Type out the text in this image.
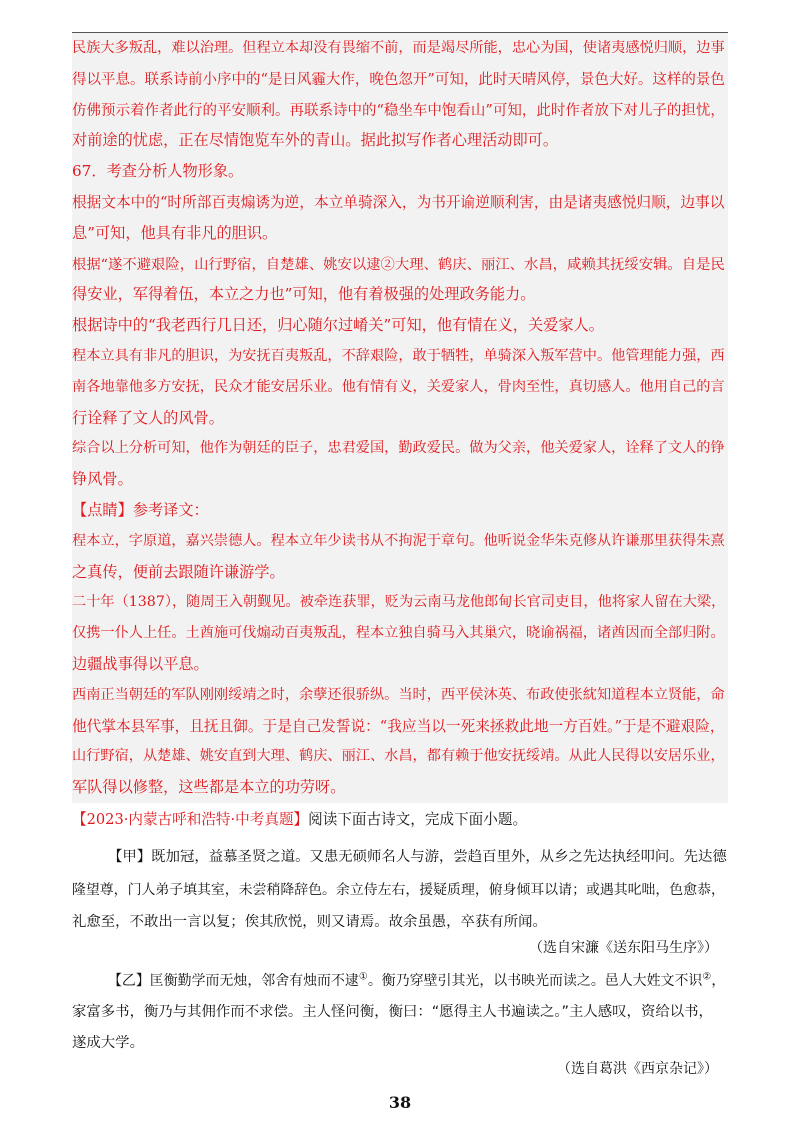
民族大多叛乱，难以治理。但程立本却没有畏缩不前，而是竭尽所能，忠心为国，使诸夷感悦归顺，边事
得以平息。联系诗前小序中的“是日风霾大作，晚色忽开”可知，此时天晴风停，景色大好。这样的景色
仿佛预示着作者此行的平安顺利。再联系诗中的“稳坐车中饱看山”可知，此时作者放下对儿子的担忧，
对前途的忧虑，正在尽情饱览车外的青山。据此拟写作者心理活动即可。
67．考查分析人物形象。
根据文本中的“时所部百夷煽诱为逆，本立单骑深入，为书开谕逆顺利害，由是诸夷感悦归顺，边事以
息”可知，他具有非凡的胆识。
根据“遂不避艰险，山行野宿，自楚雄、姚安以逮②大理、鹤庆、丽江、水昌，咸赖其抚绥安辑。自是民
得安业，军得着伍，本立之力也”可知，他有着极强的处理政务能力。
根据诗中的“我老西行几日还，归心随尔过崤关”可知，他有情在义，关爱家人。
程本立具有非凡的胆识，为安抚百夷叛乱，不辞艰险，敢于牺牲，单骑深入叛军营中。他管理能力强，西
南各地靠他多方安抚，民众才能安居乐业。他有情有义，关爱家人，骨肉至性，真切感人。他用自己的言
行诠释了文人的风骨。
综合以上分析可知，他作为朝廷的臣子，忠君爱国，勤政爱民。做为父亲，他关爱家人，诠释了文人的铮
铮风骨。
【点睛】参考译文：
程本立，字原道，嘉兴崇德人。程本立年少读书从不拘泥于章句。他听说金华朱克修从许谦那里获得朱熹
之真传，便前去跟随许谦游学。
二十年（1387），随周王入朝觐见。被牵连获罪，贬为云南马龙他郎甸长官司吏目，他将家人留在大梁，
仅携一仆人上任。土酋施可伐煽动百夷叛乱，程本立独自骑马入其巢穴，晓谕祸福，诸酋因而全部归附。
边疆战事得以平息。
西南正当朝廷的军队刚刚绥靖之时，余孽还很骄纵。当时，西平侯沐英、布政使张紞知道程本立贤能，命
他代掌本县军事，且抚且御。于是自己发誓说：“我应当以一死来拯救此地一方百姓。”于是不避艰险，
山行野宿，从楚雄、姚安直到大理、鹤庆、丽江、水昌，都有赖于他安抚绥靖。从此人民得以安居乐业，
军队得以修整，这些都是本立的功劳呀。
【2023·内蒙古呼和浩特·中考真题】阅读下面古诗文，完成下面小题。
【甲】既加冠，益慕圣贤之道。又患无硕师名人与游，尝趋百里外，从乡之先达执经叩问。先达德
隆望尊，门人弟子填其室，未尝稍降辞色。余立侍左右，援疑质理，俯身倾耳以请；或遇其叱咄，色愈恭，
礼愈至，不敢出一言以复；俟其欣悦，则又请焉。故余虽愚，卒获有所闻。
（选自宋濂《送东阳马生序》）
【乙】匡衡勤学而无烛，邻舍有烛而不逮①。衡乃穿壁引其光，以书映光而读之。邑人大姓文不识②，
家富多书，衡乃与其佣作而不求偿。主人怪问衡，衡曰：“愿得主人书遍读之。”主人感叹，资给以书，
遂成大学。
（选自葛洪《西京杂记》）
38
